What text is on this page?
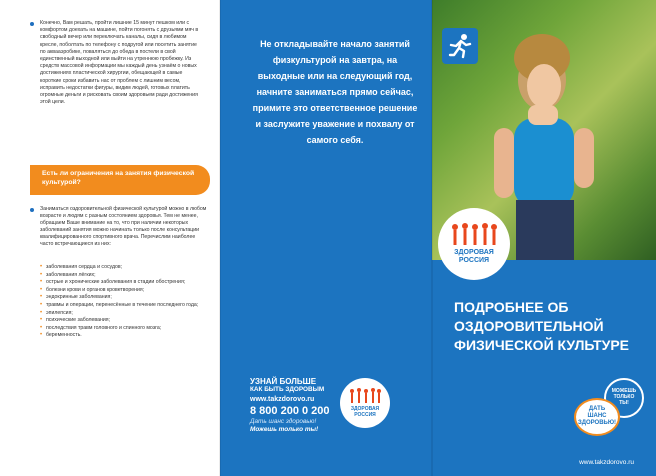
Конечно, Вам решать, пройти лишние 15 минут пешком или с комфортом доехать на машине, пойти погонять с друзьями мяч в свободный вечер или переключать каналы, сидя в любимом кресле, поболтать по телефону с подругой или посетить занятие по аквааэробике, поваляться до обеда в постели в свой единственный выходной или выйти на утреннюю пробежку. Из средств массовой информации мы каждый день узнаём о новых достижениях пластической хирургии, обещающей в самые короткие сроки избавить нас от проблем с лишним весом, исправить недостатки фигуры, видим людей, готовых платить огромные деньги и рисковать своим здоровьем ради достижения этой цели.

Есть ли ограничения на занятия физической культурой?

Заниматься оздоровительной физической культурой можно в любом возрасте и людям с разным состоянием здоровья. Тем не менее, обращаем Ваше внимание на то, что при наличии некоторых заболеваний занятия можно начинать только после консультации квалифицированного спортивного врача. Перечислим наиболее часто встречающиеся из них:

• заболевания сердца и сосудов;
• заболевания лёгких;
• острые и хронические заболевания в стадии обострения;
• болезни крови и органов кроветворения;
• эндокринные заболевания;
• травмы и операции, перенесённые в течение последнего года;
• эпилепсия;
• психические заболевания;
• последствия травм головного и спинного мозга;
• беременность.

Не откладывайте начало занятий физкультурой на завтра, на выходные или на следующий год, начните заниматься прямо сейчас, примите это ответственное решение и заслужите уважение и похвалу от самого себя.

УЗНАЙ БОЛЬШЕ
КАК БЫТЬ ЗДОРОВЫМ
www.takzdorovo.ru
8 800 200 0 200
Дать шанс здоровью!
Можешь только ты!
ЗДОРОВАЯ
РОССИЯ
ЗДОРОВАЯ
РОССИЯ
ПОДРОБНЕЕ ОБ ОЗДОРОВИТЕЛЬНОЙ ФИЗИЧЕСКОЙ КУЛЬТУРЕ
МОЖЕШЬ
ТОЛЬКО
ТЫ!
ДАТЬ
ШАНС
ЗДОРОВЬЮ!
www.takzdorovo.ru
